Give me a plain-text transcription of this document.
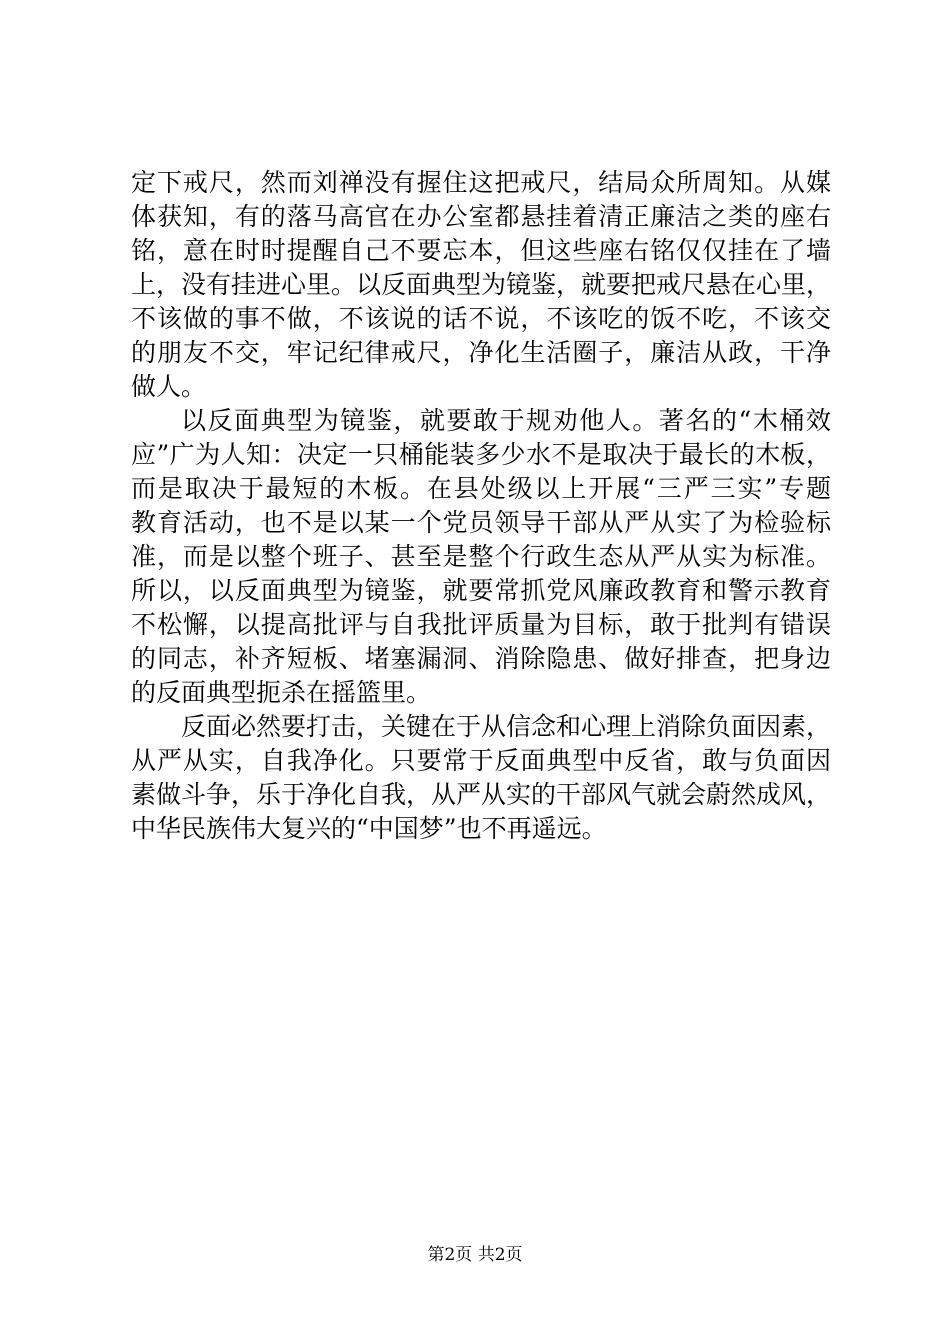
定下戒尺，然而刘禅没有握住这把戒尺，结局众所周知。从媒
体获知，有的落马高官在办公室都悬挂着清正廉洁之类的座右
铭，意在时时提醒自己不要忘本，但这些座右铭仅仅挂在了墙
上，没有挂进心里。以反面典型为镜鉴，就要把戒尺悬在心里，
不该做的事不做，不该说的话不说，不该吃的饭不吃，不该交
的朋友不交，牢记纪律戒尺，净化生活圈子，廉洁从政，干净
做人。
以反面典型为镜鉴，就要敢于规劝他人。著名的“木桶效
应”广为人知：决定一只桶能装多少水不是取决于最长的木板，
而是取决于最短的木板。在县处级以上开展“三严三实”专题
教育活动，也不是以某一个党员领导干部从严从实了为检验标
准，而是以整个班子、甚至是整个行政生态从严从实为标准。
所以，以反面典型为镜鉴，就要常抓党风廉政教育和警示教育
不松懈，以提高批评与自我批评质量为目标，敢于批判有错误
的同志，补齐短板、堵塞漏洞、消除隐患、做好排查，把身边
的反面典型扼杀在摇篮里。
反面必然要打击，关键在于从信念和心理上消除负面因素，
从严从实，自我净化。只要常于反面典型中反省，敢与负面因
素做斗争，乐于净化自我，从严从实的干部风气就会蔚然成风，
中华民族伟大复兴的“中国梦”也不再遥远。
第2页 共2页
